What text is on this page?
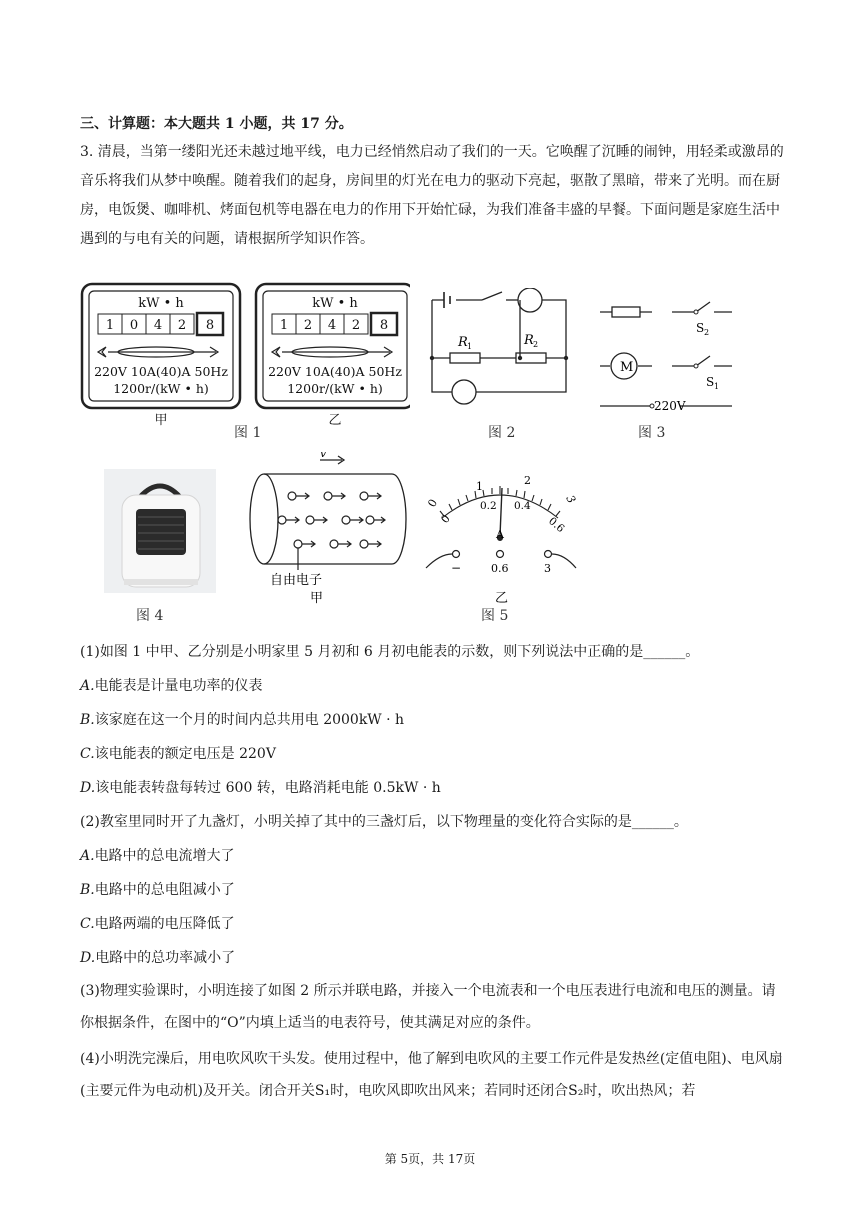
三、计算题：本大题共 1 小题，共 17 分。
3. 清晨，当第一缕阳光还未越过地平线，电力已经悄然启动了我们的一天。它唤醒了沉睡的闹钟，用轻柔或激昂的音乐将我们从梦中唤醒。随着我们的起身，房间里的灯光在电力的驱动下亮起，驱散了黑暗，带来了光明。而在厨房，电饭煲、咖啡机、烤面包机等电器在电力的作用下开始忙碌，为我们准备丰盛的早餐。下面问题是家庭生活中遇到的与电有关的问题，请根据所学知识作答。
kW • h
1 0 4 2 8
220V 10A(40)A 50Hz
1200r/(kW • h)
甲
kW • h
1 2 4 2 8
220V 10A(40)A 50Hz
1200r/(kW • h)
乙
图 1
R 1	R 2
图 2
M
S 2
S 1
220V
图 3
图 4
v
自由电子
甲
0
1	2
3
0
0.2 0.4
0.6
A
−	0.6	3
乙
图 5
(1)如图 1 中甲、乙分别是小明家里 5 月初和 6 月初电能表的示数，则下列说法中正确的是______。
A.电能表是计量电功率的仪表
B.该家庭在这一个月的时间内总共用电 2000kW · h
C.该电能表的额定电压是 220V
D.该电能表转盘每转过 600 转，电路消耗电能 0.5kW · h
(2)教室里同时开了九盏灯，小明关掉了其中的三盏灯后，以下物理量的变化符合实际的是______。
A.电路中的总电流增大了
B.电路中的总电阻减小了
C.电路两端的电压降低了
D.电路中的总功率减小了
(3)物理实验课时，小明连接了如图 2 所示并联电路，并接入一个电流表和一个电压表进行电流和电压的测量。请你根据条件，在图中的“O”内填上适当的电表符号，使其满足对应的条件。
(4)小明洗完澡后，用电吹风吹干头发。使用过程中，他了解到电吹风的主要工作元件是发热丝(定值电阻)、电风扇(主要元件为电动机)及开关。闭合开关S₁时，电吹风即吹出风来；若同时还闭合S₂时，吹出热风；若
第 5页，共 17页
